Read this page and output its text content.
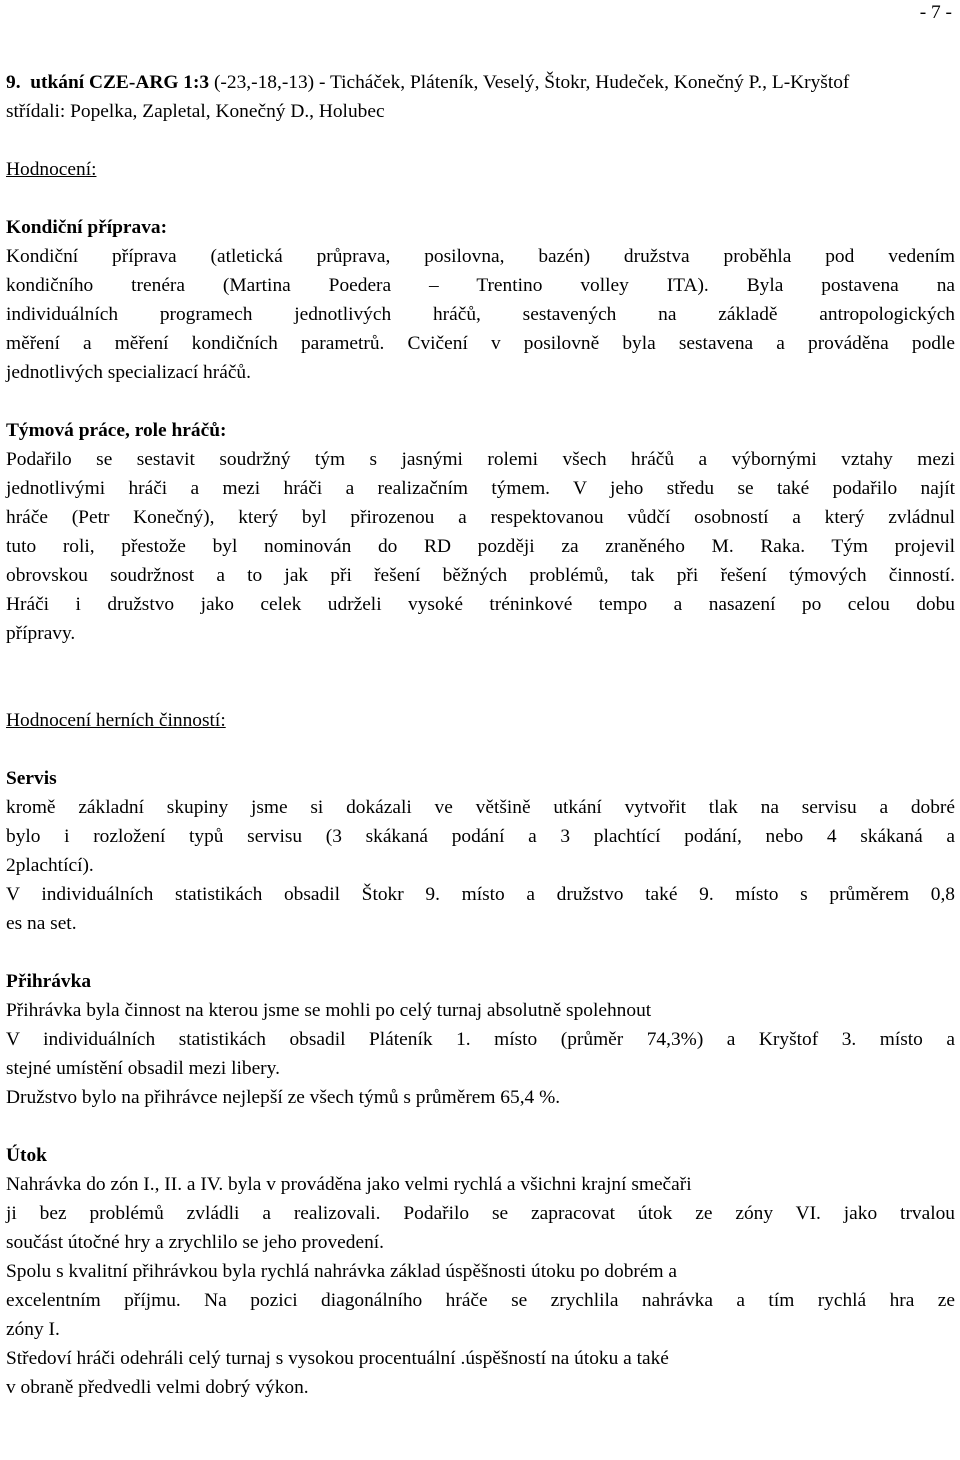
- 7 -

9. utkání CZE-ARG 1:3 (-23,-18,-13) - Ticháček, Pláteník, Veselý, Štokr, Hudeček, Konečný P., L-Kryštof

střídali: Popelka, Zapletal, Konečný D., Holubec

Hodnocení:

Kondiční příprava:

Kondiční příprava (atletická průprava, posilovna, bazén) družstva proběhla pod vedením

kondičního trenéra (Martina Poedera – Trentino volley ITA). Byla postavena na

individuálních programech jednotlivých hráčů, sestavených na základě antropologických

měření a měření kondičních parametrů. Cvičení v posilovně byla sestavena a prováděna podle

jednotlivých specializací hráčů.

Týmová práce, role hráčů:

Podařilo se sestavit soudržný tým s jasnými rolemi všech hráčů a výbornými vztahy mezi

jednotlivými hráči a mezi hráči a realizačním týmem. V jeho středu se také podařilo najít

hráče (Petr Konečný), který byl přirozenou a respektovanou vůdčí osobností a který zvládnul

tuto roli, přestože byl nominován do RD později za zraněného M. Raka. Tým projevil

obrovskou soudržnost a to jak při řešení běžných problémů, tak při řešení týmových činností.

Hráči i družstvo jako celek udrželi vysoké tréninkové tempo a nasazení po celou dobu

přípravy.

Hodnocení herních činností:

Servis

kromě základní skupiny jsme si dokázali ve většině utkání vytvořit tlak na servisu a dobré

bylo i rozložení typů servisu (3 skákaná podání a 3 plachtící podání, nebo 4 skákaná a

2plachtící).

V individuálních statistikách obsadil Štokr 9. místo a družstvo také 9. místo s průměrem 0,8

es na set.

Přihrávka

Přihrávka byla činnost na kterou jsme se mohli po celý turnaj absolutně spolehnout

V individuálních statistikách obsadil Pláteník 1. místo (průměr 74,3%) a Kryštof 3. místo a

stejné umístění obsadil mezi libery.

Družstvo bylo na přihrávce nejlepší ze všech týmů s průměrem 65,4 %.

Útok

Nahrávka do zón I., II. a IV. byla v prováděna jako velmi rychlá a všichni krajní smečaři

ji bez problémů zvládli a realizovali. Podařilo se zapracovat útok ze zóny VI. jako trvalou

součást útočné hry a zrychlilo se jeho provedení.

Spolu s kvalitní přihrávkou byla rychlá nahrávka základ úspěšnosti útoku po dobrém a

excelentním příjmu. Na pozici diagonálního hráče se zrychlila nahrávka a tím rychlá hra ze

zóny I.

Středoví hráči odehráli celý turnaj s vysokou procentuální .úspěšností na útoku a také

v obraně předvedli velmi dobrý výkon.
